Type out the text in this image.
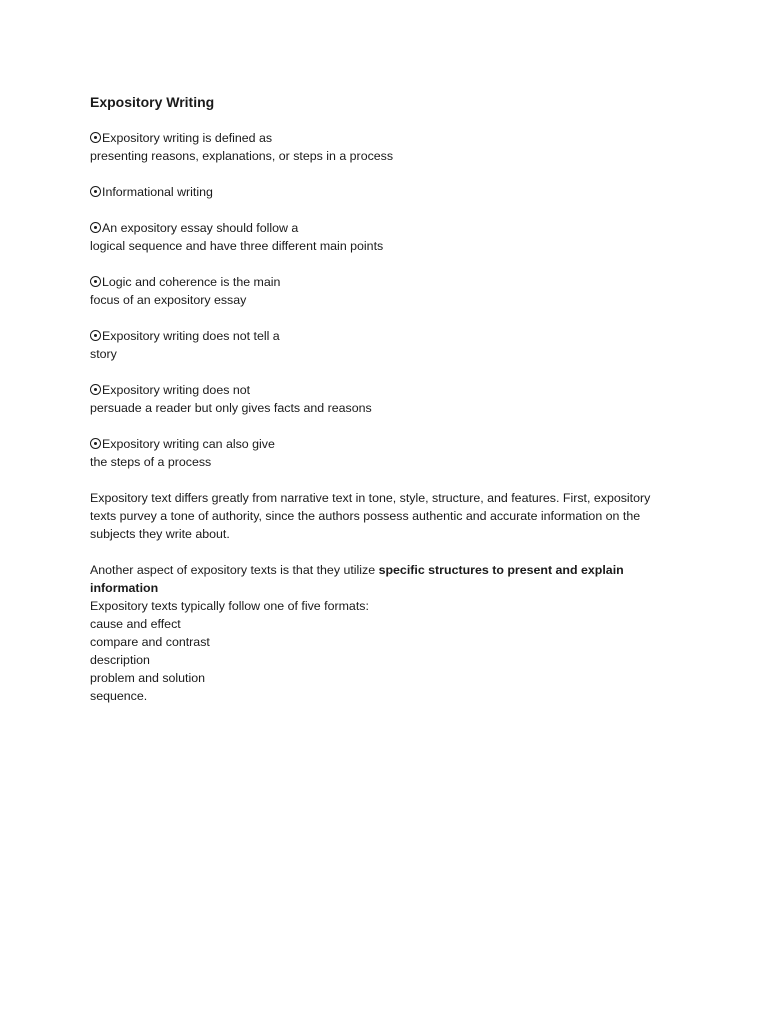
Expository Writing
Expository writing is defined as
presenting reasons, explanations, or steps in a process
Informational writing
An expository essay should follow a
logical sequence and have three different main points
Logic and coherence is the main
focus of an expository essay
Expository writing does not tell a
story
Expository writing does not
persuade a reader but only gives facts and reasons
Expository writing can also give
the steps of a process
Expository text differs greatly from narrative text in tone, style, structure, and features. First, expository
texts purvey a tone of authority, since the authors possess authentic and accurate information on the
subjects they write about.
Another aspect of expository texts is that they utilize specific structures to present and explain
information
Expository texts typically follow one of five formats:
cause and effect
compare and contrast
description
problem and solution
sequence.
